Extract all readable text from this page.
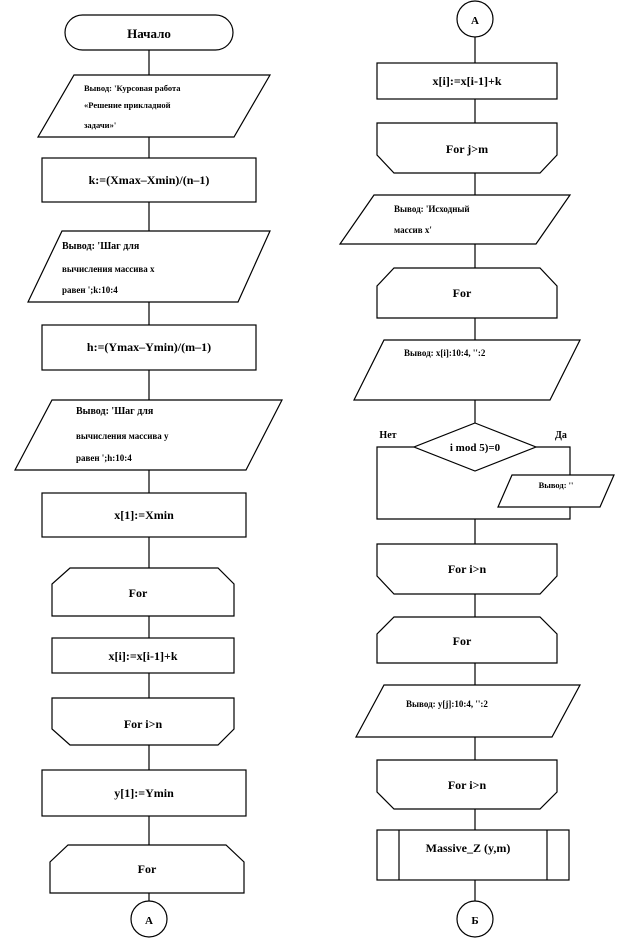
Начало
Вывод: 'Курсовая работа
«Решение прикладной
задачи»'
k:=(Xmax–Xmin)/(n–1)
Вывод: 'Шаг для
вычисления массива x
равен ';k:10:4
h:=(Ymax–Ymin)/(m–1)
Вывод: 'Шаг для
вычисления массива y
равен ';h:10:4
x[1]:=Xmin
For
x[i]:=x[i-1]+k
For i>n
y[1]:=Ymin
For
А
А
x[i]:=x[i-1]+k
For j>m
Вывод: 'Исходный
массив x'
For
Вывод: x[i]:10:4, '':2
i mod 5)=0
Нет	Да
Вывод: ''
For i>n
For
Вывод: y[j]:10:4, '':2
For i>n
Massive_Z (y,m)
Б
